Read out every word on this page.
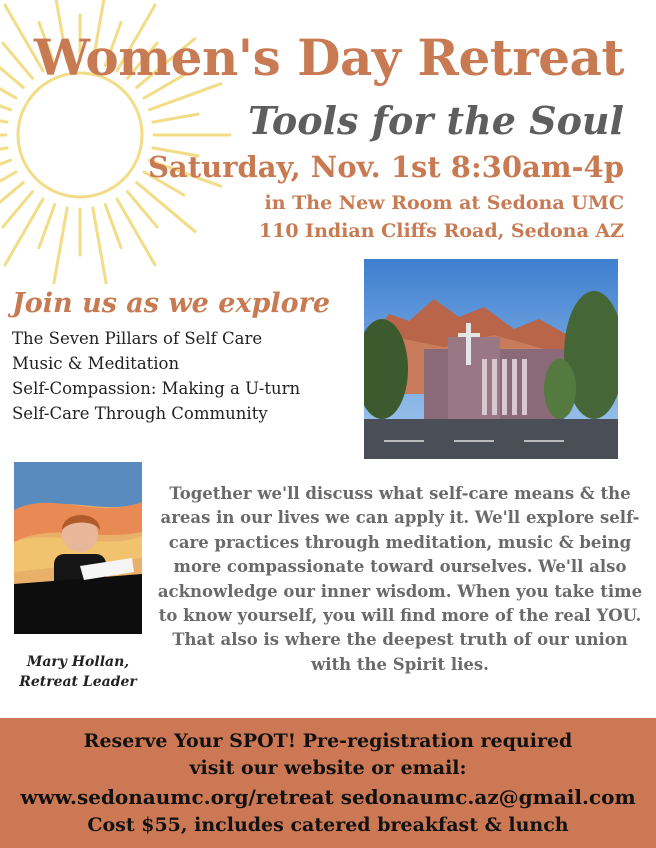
Women's Day Retreat
Tools for the Soul
Saturday, Nov. 1st 8:30am-4p
in The New Room at Sedona UMC
110 Indian Cliffs Road, Sedona AZ
Join us as we explore
The Seven Pillars of Self Care
Music & Meditation
Self-Compassion: Making a U-turn
Self-Care Through Community
Mary Hollan,
Retreat Leader

Together we'll discuss what self-care means & the areas in our lives we can apply it. We'll explore self- care practices through meditation, music & being more compassionate toward ourselves. We'll also acknowledge our inner wisdom. When you take time to know yourself, you will find more of the real YOU. That also is where the deepest truth of our union with the Spirit lies.

Reserve Your SPOT! Pre-registration required
visit our website or email:
www.sedonaumc.org/retreat sedonaumc.az@gmail.com
Cost $55, includes catered breakfast & lunch
